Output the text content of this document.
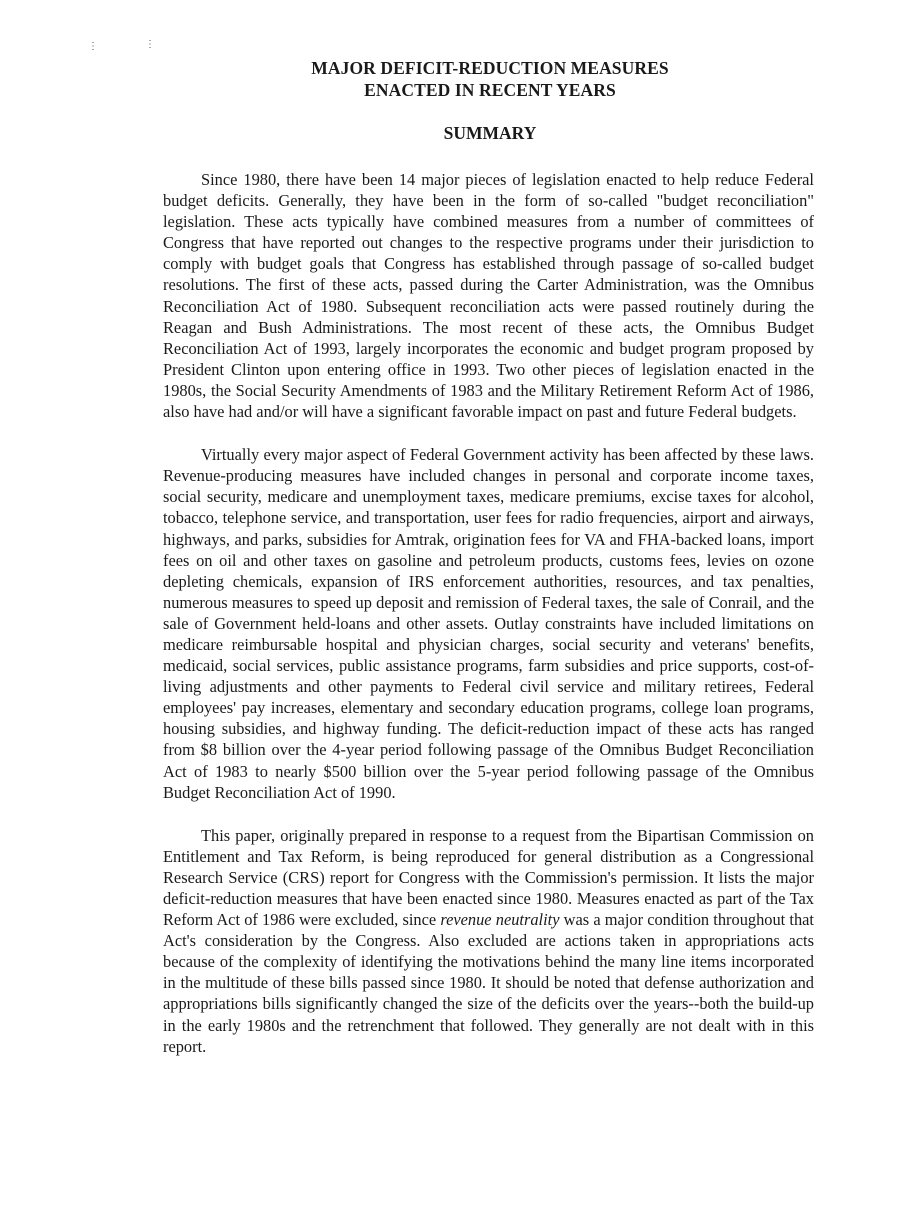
⋮	⋮
MAJOR DEFICIT-REDUCTION MEASURES
ENACTED IN RECENT YEARS
SUMMARY

Since 1980, there have been 14 major pieces of legislation enacted to help reduce Federal budget deficits. Generally, they have been in the form of so-called "budget reconciliation" legislation. These acts typically have combined measures from a number of committees of Congress that have reported out changes to the respective programs under their jurisdiction to comply with budget goals that Congress has established through passage of so-called budget resolutions. The first of these acts, passed during the Carter Administration, was the Omnibus Reconciliation Act of 1980. Subsequent reconciliation acts were passed routinely during the Reagan and Bush Administrations. The most recent of these acts, the Omnibus Budget Reconciliation Act of 1993, largely incorporates the economic and budget program proposed by President Clinton upon entering office in 1993. Two other pieces of legislation enacted in the 1980s, the Social Security Amendments of 1983 and the Military Retirement Reform Act of 1986, also have had and/or will have a significant favorable impact on past and future Federal budgets.

Virtually every major aspect of Federal Government activity has been affected by these laws. Revenue-producing measures have included changes in personal and corporate income taxes, social security, medicare and unemployment taxes, medicare premiums, excise taxes for alcohol, tobacco, telephone service, and transportation, user fees for radio frequencies, airport and airways, highways, and parks, subsidies for Amtrak, origination fees for VA and FHA-backed loans, import fees on oil and other taxes on gasoline and petroleum products, customs fees, levies on ozone depleting chemicals, expansion of IRS enforcement authorities, resources, and tax penalties, numerous measures to speed up deposit and remission of Federal taxes, the sale of Conrail, and the sale of Government held-loans and other assets. Outlay constraints have included limitations on medicare reimbursable hospital and physician charges, social security and veterans' benefits, medicaid, social services, public assistance programs, farm subsidies and price supports, cost-of-living adjustments and other payments to Federal civil service and military retirees, Federal employees' pay increases, elementary and secondary education programs, college loan programs, housing subsidies, and highway funding. The deficit-reduction impact of these acts has ranged from $8 billion over the 4-year period following passage of the Omnibus Budget Reconciliation Act of 1983 to nearly $500 billion over the 5-year period following passage of the Omnibus Budget Reconciliation Act of 1990.

This paper, originally prepared in response to a request from the Bipartisan Commission on Entitlement and Tax Reform, is being reproduced for general distribution as a Congressional Research Service (CRS) report for Congress with the Commission's permission. It lists the major deficit-reduction measures that have been enacted since 1980. Measures enacted as part of the Tax Reform Act of 1986 were excluded, since revenue neutrality was a major condition throughout that Act's consideration by the Congress. Also excluded are actions taken in appropriations acts because of the complexity of identifying the motivations behind the many line items incorporated in the multitude of these bills passed since 1980. It should be noted that defense authorization and appropriations bills significantly changed the size of the deficits over the years--both the build-up in the early 1980s and the retrenchment that followed. They generally are not dealt with in this report.
